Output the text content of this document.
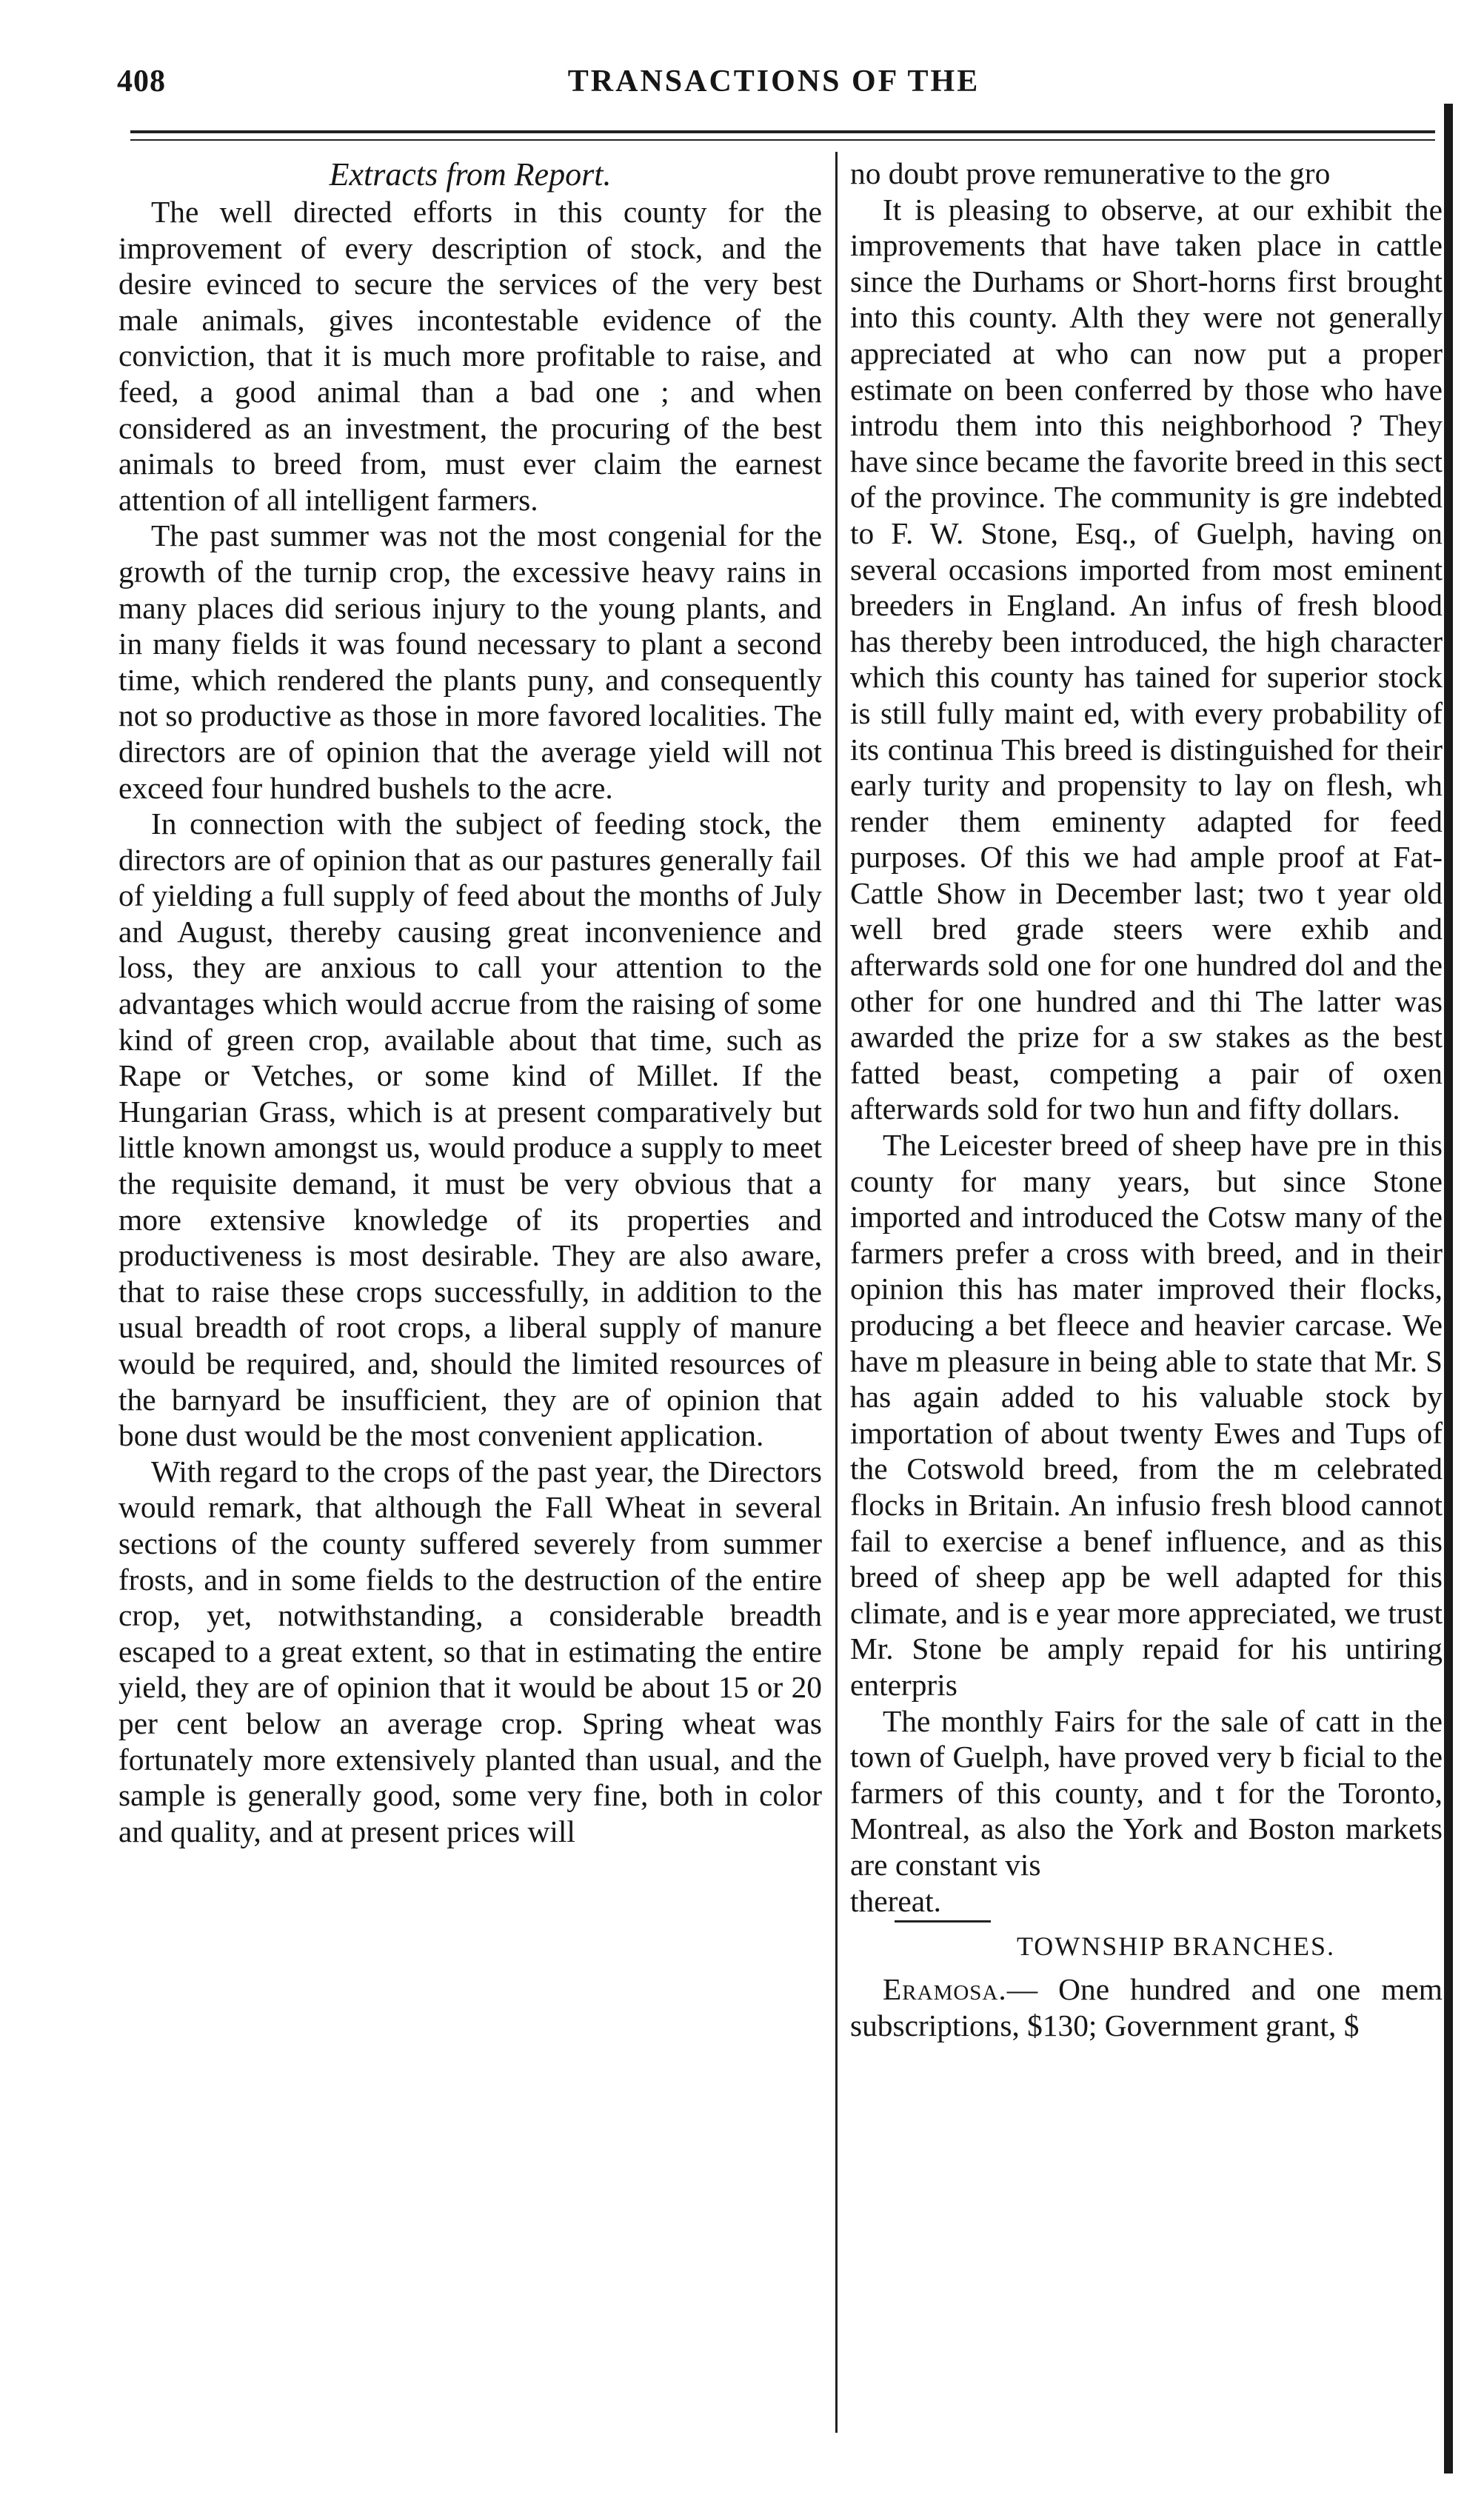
408	TRANSACTIONS OF THE
Extracts from Report.

The well directed efforts in this county for the improvement of every description of stock, and the desire evinced to secure the services of the very best male animals, gives incontestable evidence of the conviction, that it is much more profitable to raise, and feed, a good animal than a bad one ; and when considered as an investment, the procuring of the best animals to breed from, must ever claim the earnest attention of all intelligent farmers.

The past summer was not the most congenial for the growth of the turnip crop, the excessive heavy rains in many places did serious injury to the young plants, and in many fields it was found necessary to plant a second time, which rendered the plants puny, and consequently not so productive as those in more favored localities. The directors are of opinion that the average yield will not exceed four hundred bushels to the acre.

In connection with the subject of feeding stock, the directors are of opinion that as our pastures generally fail of yielding a full supply of feed about the months of July and August, thereby causing great inconvenience and loss, they are anxious to call your attention to the advantages which would accrue from the raising of some kind of green crop, available about that time, such as Rape or Vetches, or some kind of Millet. If the Hungarian Grass, which is at present comparatively but little known amongst us, would produce a supply to meet the requisite demand, it must be very obvious that a more extensive knowledge of its properties and productiveness is most desirable. They are also aware, that to raise these crops successfully, in addition to the usual breadth of root crops, a liberal supply of manure would be required, and, should the limited resources of the barnyard be insufficient, they are of opinion that bone dust would be the most convenient application.

With regard to the crops of the past year, the Directors would remark, that although the Fall Wheat in several sections of the county suffered severely from summer frosts, and in some fields to the destruction of the entire crop, yet, notwithstanding, a considerable breadth escaped to a great extent, so that in estimating the entire yield, they are of opinion that it would be about 15 or 20 per cent below an average crop. Spring wheat was fortunately more extensively planted than usual, and the sample is generally good, some very fine, both in color and quality, and at present prices will

no doubt prove remunerative to the gro

It is pleasing to observe, at our exhibit the improvements that have taken place in cattle since the Durhams or Short-horns first brought into this county. Alth they were not generally appreciated at who can now put a proper estimate on been conferred by those who have introdu them into this neighborhood ? They have since became the favorite breed in this sect of the province. The community is gre indebted to F. W. Stone, Esq., of Guelph, having on several occasions imported from most eminent breeders in England. An infus of fresh blood has thereby been introduced, the high character which this county has tained for superior stock is still fully maint ed, with every probability of its continua This breed is distinguished for their early turity and propensity to lay on flesh, wh render them eminenty adapted for feed purposes. Of this we had ample proof at Fat-Cattle Show in December last; two t year old well bred grade steers were exhib and afterwards sold one for one hundred dol and the other for one hundred and thi The latter was awarded the prize for a sw stakes as the best fatted beast, competing a pair of oxen afterwards sold for two hun and fifty dollars.

The Leicester breed of sheep have pre in this county for many years, but since Stone imported and introduced the Cotsw many of the farmers prefer a cross with breed, and in their opinion this has mater improved their flocks, producing a bet fleece and heavier carcase. We have m pleasure in being able to state that Mr. S has again added to his valuable stock by importation of about twenty Ewes and Tups of the Cotswold breed, from the m celebrated flocks in Britain. An infusio fresh blood cannot fail to exercise a benef influence, and as this breed of sheep app be well adapted for this climate, and is e year more appreciated, we trust Mr. Stone be amply repaid for his untiring enterpris

The monthly Fairs for the sale of catt in the town of Guelph, have proved very b ficial to the farmers of this county, and t for the Toronto, Montreal, as also the York and Boston markets are constant vis

thereat.

TOWNSHIP BRANCHES.

Eramosa.— One hundred and one mem subscriptions, $130; Government grant, $
